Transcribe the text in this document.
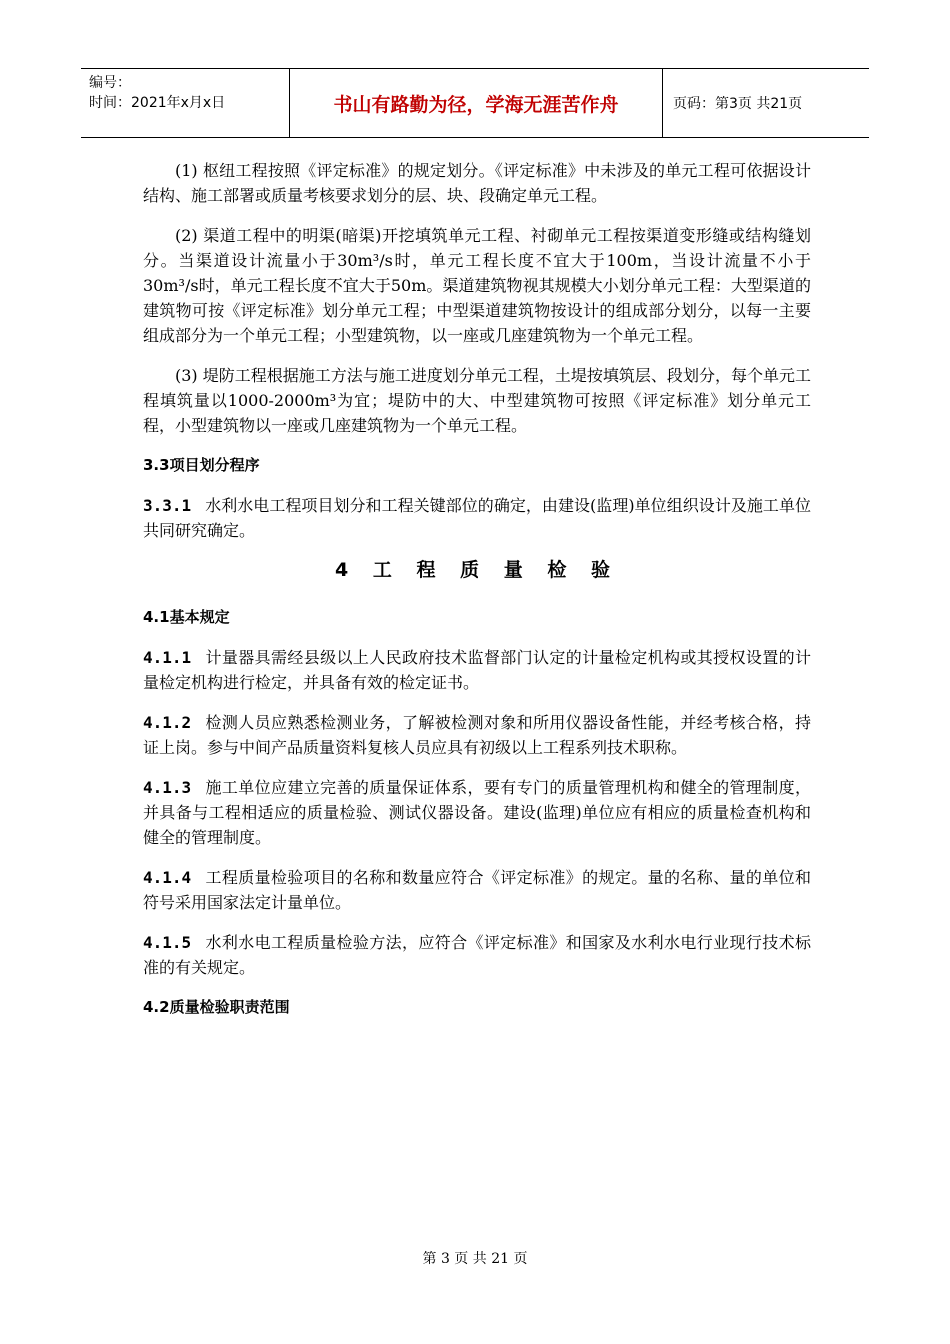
编号：
时间：2021年x月x日	书山有路勤为径，学海无涯苦作舟	页码：第3页 共21页

(1) 枢纽工程按照《评定标准》的规定划分。《评定标准》中未涉及的单元工程可依据设计结构、施工部署或质量考核要求划分的层、块、段确定单元工程。

(2) 渠道工程中的明渠(暗渠)开挖填筑单元工程、衬砌单元工程按渠道变形缝或结构缝划分。当渠道设计流量小于30m³/s时，单元工程长度不宜大于100m，当设计流量不小于30m³/s时，单元工程长度不宜大于50m。渠道建筑物视其规模大小划分单元工程：大型渠道的建筑物可按《评定标准》划分单元工程；中型渠道建筑物按设计的组成部分划分，以每一主要组成部分为一个单元工程；小型建筑物，以一座或几座建筑物为一个单元工程。

(3) 堤防工程根据施工方法与施工进度划分单元工程，土堤按填筑层、段划分，每个单元工程填筑量以1000-2000m³为宜；堤防中的大、中型建筑物可按照《评定标准》划分单元工程，小型建筑物以一座或几座建筑物为一个单元工程。

3.3项目划分程序

3.3.1 水利水电工程项目划分和工程关键部位的确定，由建设(监理)单位组织设计及施工单位共同研究确定。

4 工 程 质 量 检 验
4.1基本规定

4.1.1 计量器具需经县级以上人民政府技术监督部门认定的计量检定机构或其授权设置的计量检定机构进行检定，并具备有效的检定证书。

4.1.2 检测人员应熟悉检测业务，了解被检测对象和所用仪器设备性能，并经考核合格，持证上岗。参与中间产品质量资料复核人员应具有初级以上工程系列技术职称。

4.1.3 施工单位应建立完善的质量保证体系，要有专门的质量管理机构和健全的管理制度，并具备与工程相适应的质量检验、测试仪器设备。建设(监理)单位应有相应的质量检查机构和健全的管理制度。

4.1.4 工程质量检验项目的名称和数量应符合《评定标准》的规定。量的名称、量的单位和符号采用国家法定计量单位。

4.1.5 水利水电工程质量检验方法，应符合《评定标准》和国家及水利水电行业现行技术标准的有关规定。

4.2质量检验职责范围
第 3 页 共 21 页
